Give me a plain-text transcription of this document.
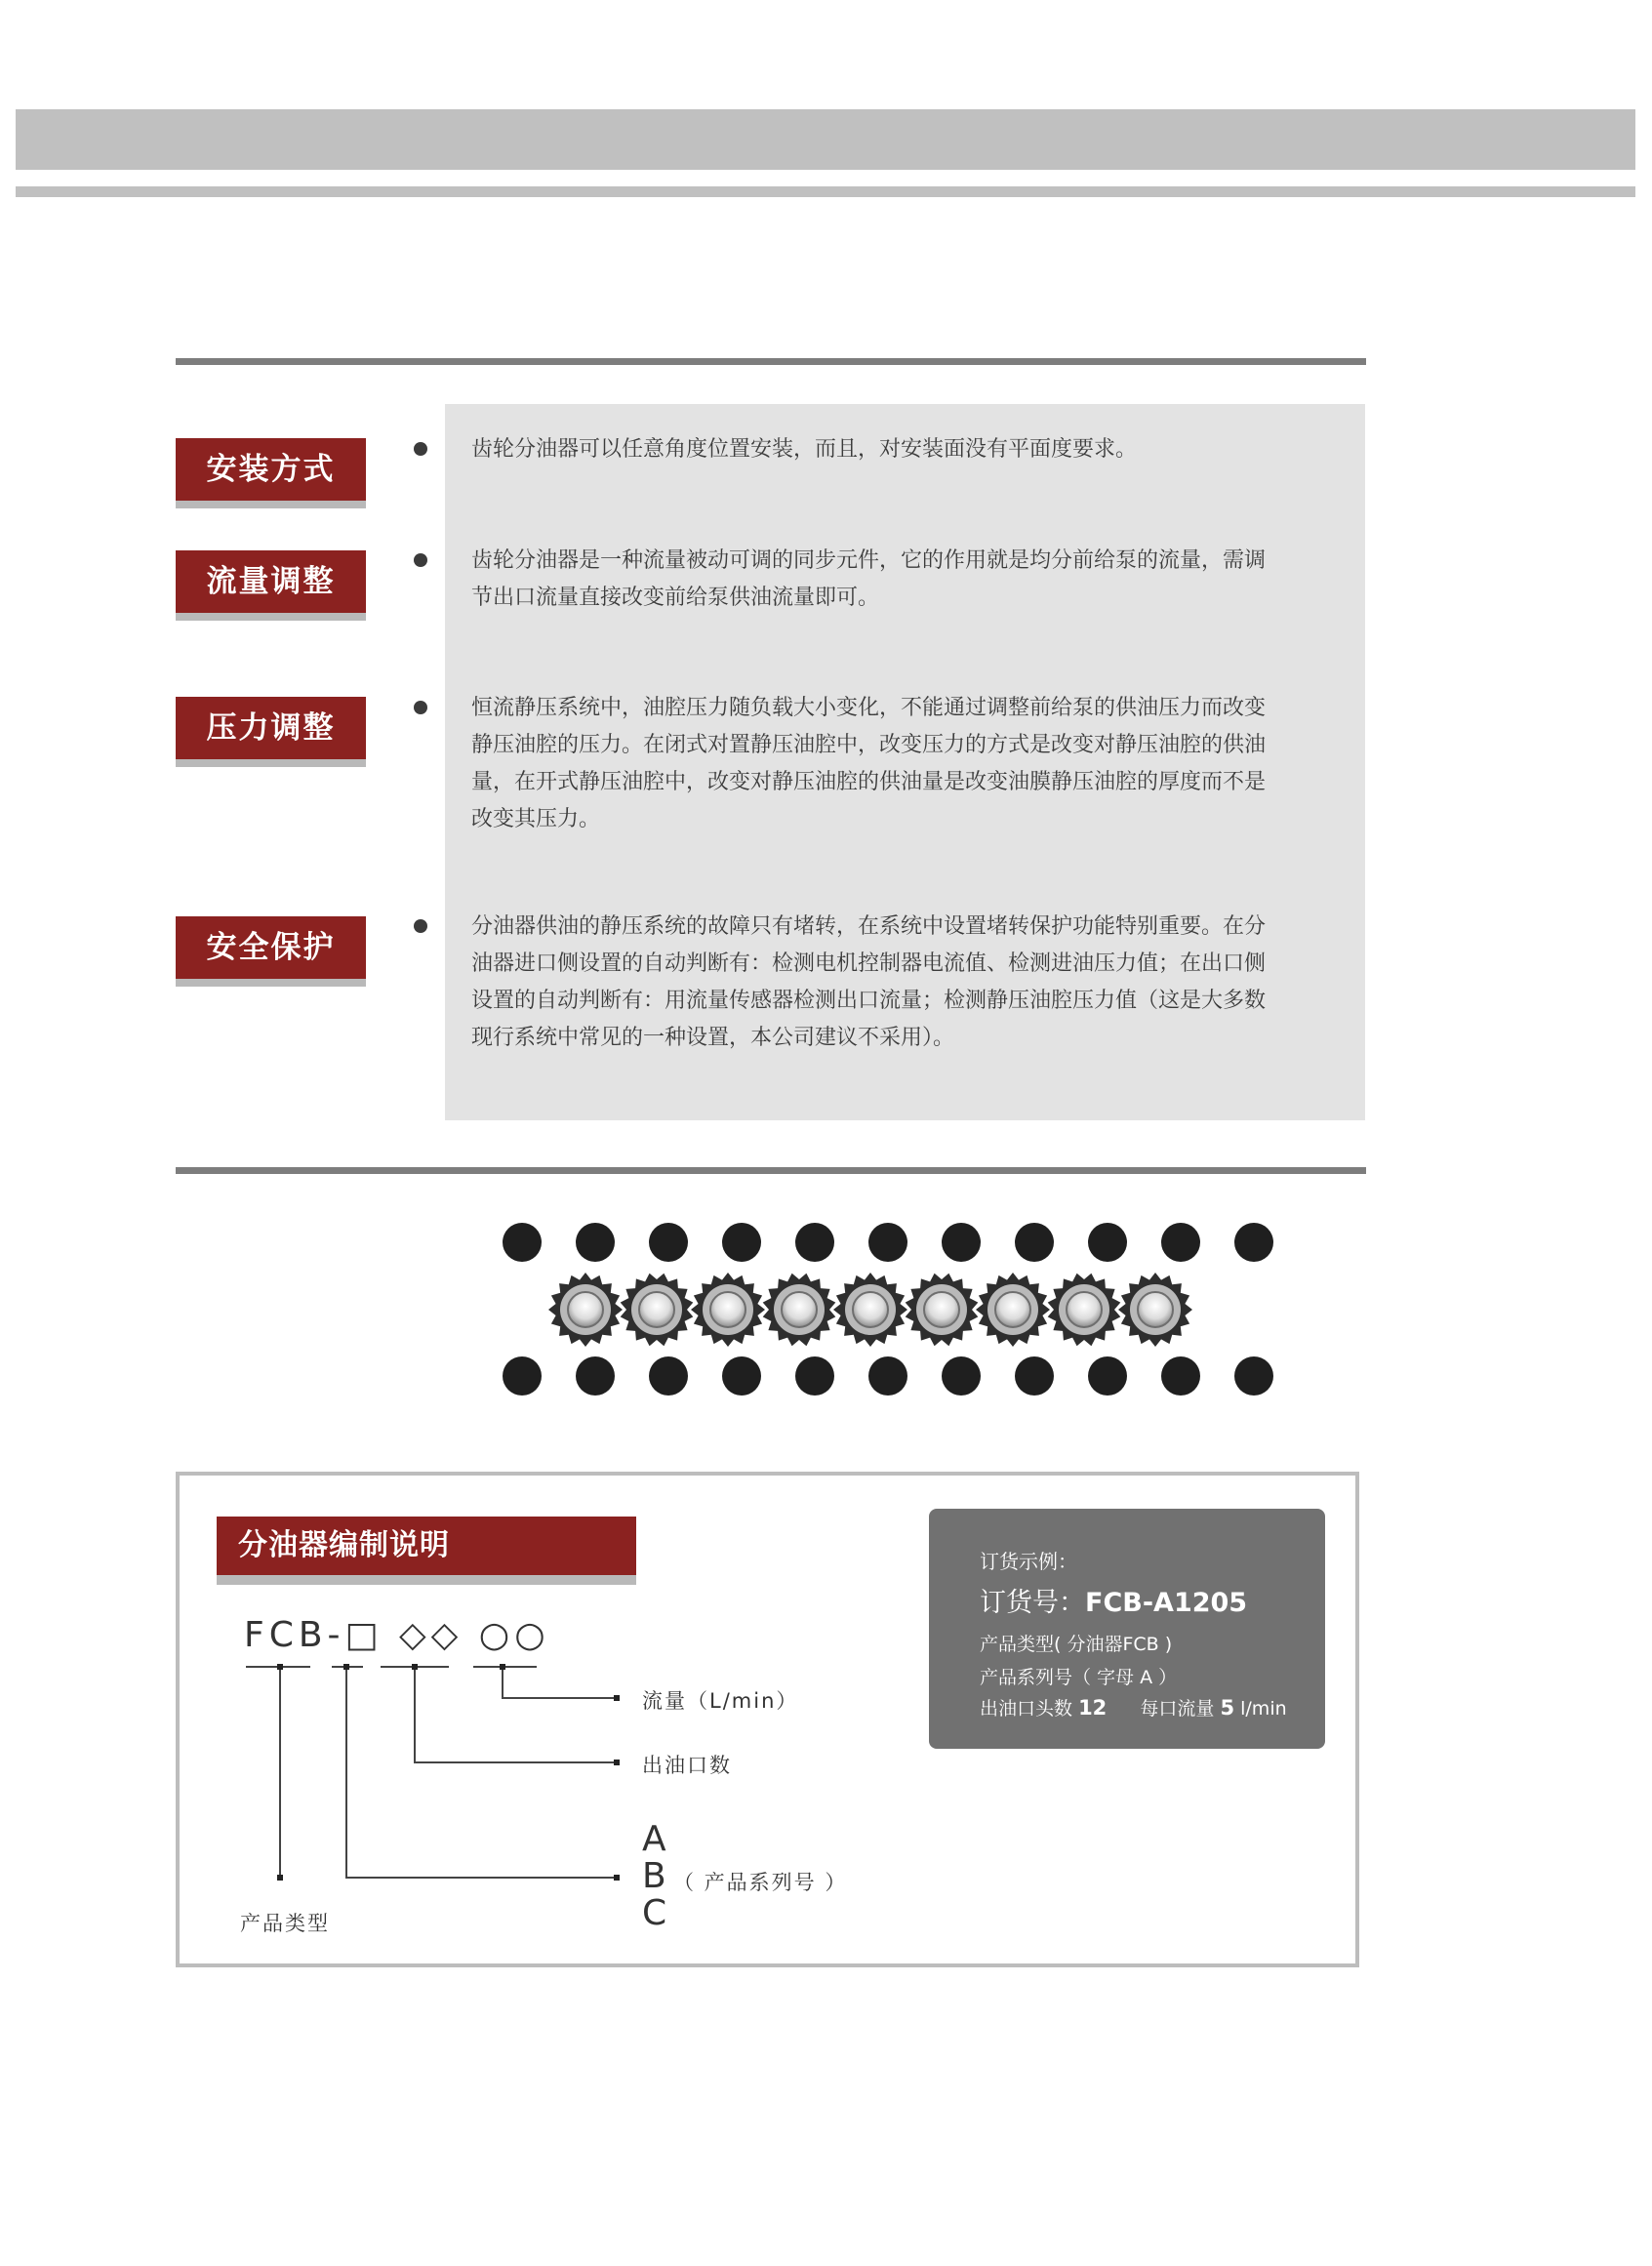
安装方式
齿轮分油器可以任意角度位置安装，而且，对安装面没有平面度要求。
流量调整
齿轮分油器是一种流量被动可调的同步元件，它的作用就是均分前给泵的流量，需调
节出口流量直接改变前给泵供油流量即可。
压力调整
恒流静压系统中，油腔压力随负载大小变化，不能通过调整前给泵的供油压力而改变
静压油腔的压力。在闭式对置静压油腔中，改变压力的方式是改变对静压油腔的供油
量，在开式静压油腔中，改变对静压油腔的供油量是改变油膜静压油腔的厚度而不是
改变其压力。
安全保护
分油器供油的静压系统的故障只有堵转，在系统中设置堵转保护功能特别重要。在分
油器进口侧设置的自动判断有：检测电机控制器电流值、检测进油压力值；在出口侧
设置的自动判断有：用流量传感器检测出口流量；检测静压油腔压力值（这是大多数
现行系统中常见的一种设置，本公司建议不采用）。
分油器编制说明
FCB-□ ◇◇ ○○
流量（L/min）
出油口数
产品类型
A
B
C
（ 产品系列号 ）
订货示例：
订货号：FCB-A1205
产品类型( 分油器FCB )
产品系列号（ 字母 A ）
出油口头数 12 每口流量 5 l/min
